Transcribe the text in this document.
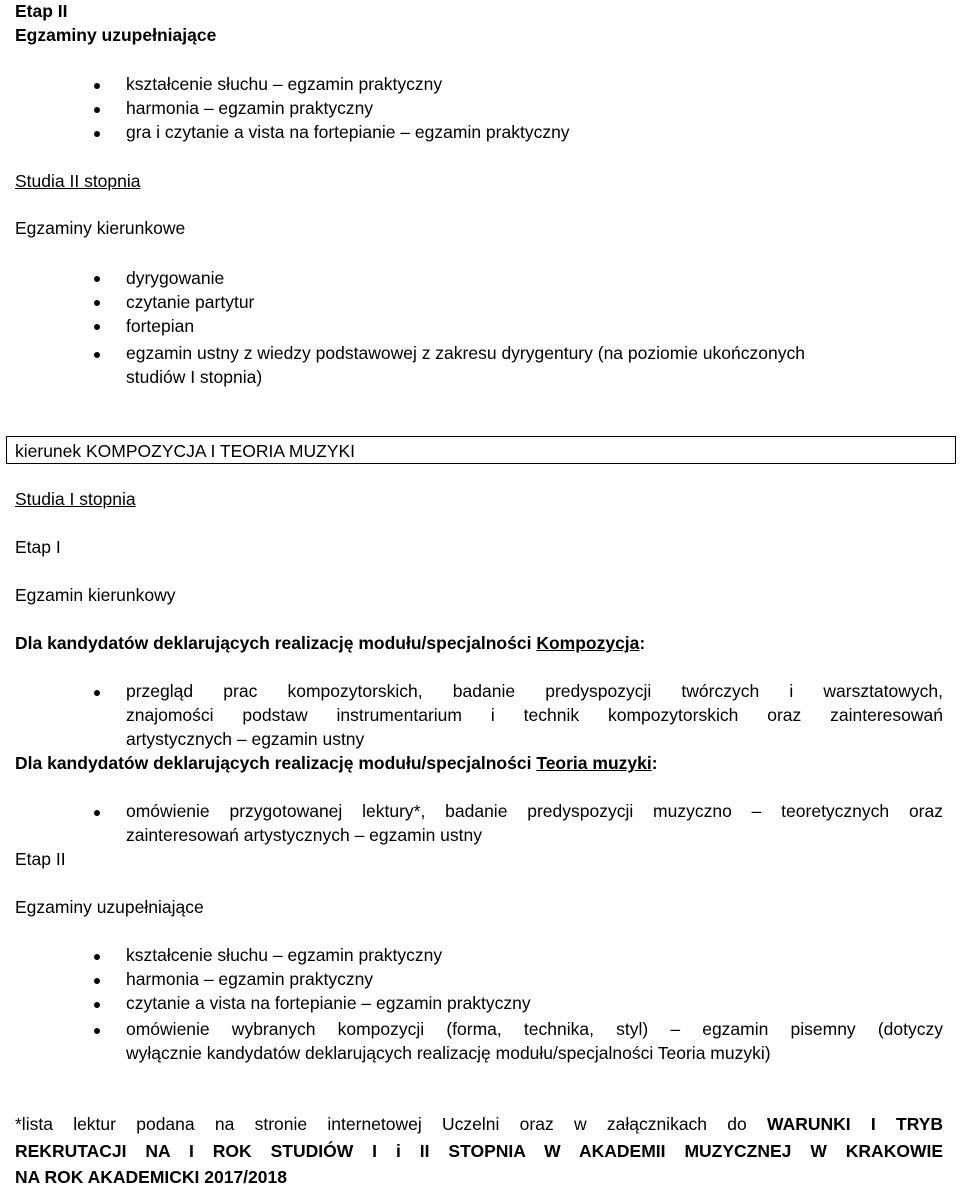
Etap II
Egzaminy uzupełniające
kształcenie słuchu – egzamin praktyczny
harmonia – egzamin praktyczny
gra i czytanie a vista na fortepianie – egzamin praktyczny
Studia II stopnia
Egzaminy kierunkowe
dyrygowanie
czytanie partytur
fortepian
egzamin ustny z wiedzy podstawowej z zakresu dyrygentury (na poziomie ukończonych
studiów I stopnia)
kierunek KOMPOZYCJA I TEORIA MUZYKI
Studia I stopnia
Etap I
Egzamin kierunkowy
Dla kandydatów deklarujących realizację modułu/specjalności Kompozycja:
przegląd prac kompozytorskich, badanie predyspozycji twórczych i warsztatowych,
znajomości podstaw instrumentarium i technik kompozytorskich oraz zainteresowań
artystycznych – egzamin ustny
Dla kandydatów deklarujących realizację modułu/specjalności Teoria muzyki:
omówienie przygotowanej lektury*, badanie predyspozycji muzyczno – teoretycznych oraz
zainteresowań artystycznych – egzamin ustny
Etap II
Egzaminy uzupełniające
kształcenie słuchu – egzamin praktyczny
harmonia – egzamin praktyczny
czytanie a vista na fortepianie – egzamin praktyczny
omówienie wybranych kompozycji (forma, technika, styl) – egzamin pisemny (dotyczy
wyłącznie kandydatów deklarujących realizację modułu/specjalności Teoria muzyki)
*lista lektur podana na stronie internetowej Uczelni oraz w załącznikach do WARUNKI I TRYB
REKRUTACJI NA I ROK STUDIÓW I i II STOPNIA W AKADEMII MUZYCZNEJ W KRAKOWIE
NA ROK AKADEMICKI 2017/2018
